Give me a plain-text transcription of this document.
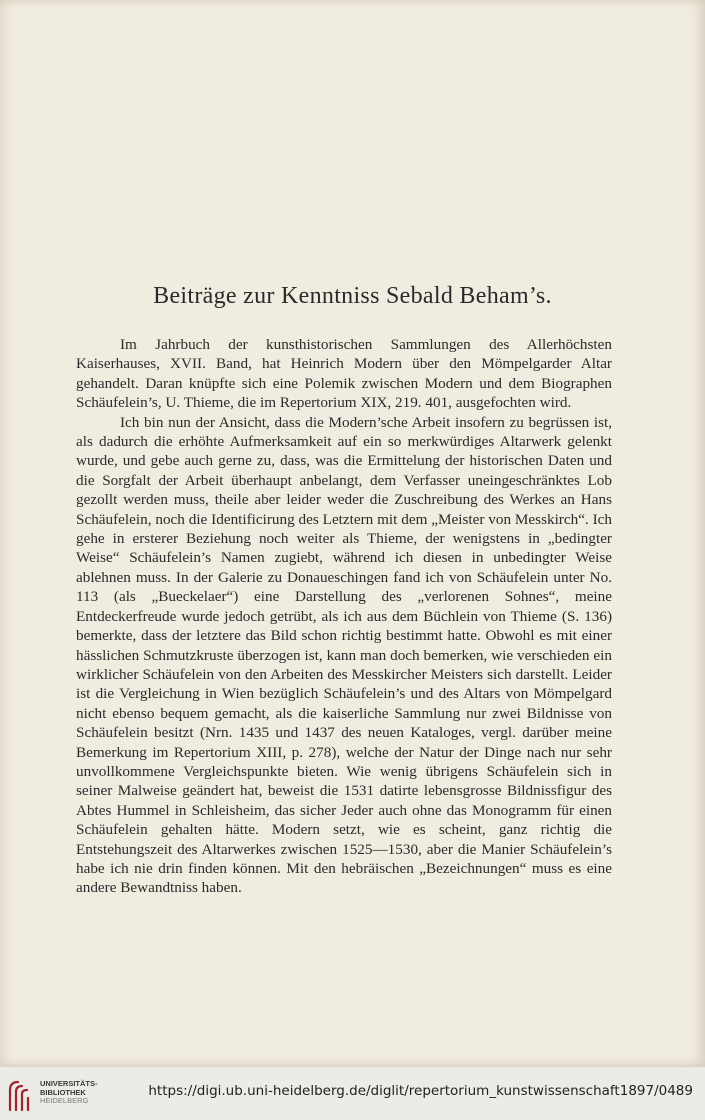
Beiträge zur Kenntniss Sebald Beham’s.

Im Jahrbuch der kunsthistorischen Sammlungen des Allerhöchsten Kaiserhauses, XVII. Band, hat Heinrich Modern über den Mömpelgarder Altar gehandelt. Daran knüpfte sich eine Polemik zwischen Modern und dem Biographen Schäufelein’s, U. Thieme, die im Repertorium XIX, 219. 401, ausgefochten wird.

Ich bin nun der Ansicht, dass die Modern’sche Arbeit insofern zu begrüssen ist, als dadurch die erhöhte Aufmerksamkeit auf ein so merkwürdiges Altarwerk gelenkt wurde, und gebe auch gerne zu, dass, was die Ermittelung der historischen Daten und die Sorgfalt der Arbeit überhaupt anbelangt, dem Verfasser uneingeschränktes Lob gezollt werden muss, theile aber leider weder die Zuschreibung des Werkes an Hans Schäufelein, noch die Identificirung des Letztern mit dem „Meister von Messkirch“. Ich gehe in ersterer Beziehung noch weiter als Thieme, der wenigstens in „bedingter Weise“ Schäufelein’s Namen zugiebt, während ich diesen in unbedingter Weise ablehnen muss. In der Galerie zu Donaueschingen fand ich von Schäufelein unter No. 113 (als „Bueckelaer“) eine Darstellung des „verlorenen Sohnes“, meine Entdeckerfreude wurde jedoch getrübt, als ich aus dem Büchlein von Thieme (S. 136) bemerkte, dass der letztere das Bild schon richtig bestimmt hatte. Obwohl es mit einer hässlichen Schmutzkruste überzogen ist, kann man doch bemerken, wie verschieden ein wirklicher Schäufelein von den Arbeiten des Messkircher Meisters sich darstellt. Leider ist die Vergleichung in Wien bezüglich Schäufelein’s und des Altars von Mömpelgard nicht ebenso bequem gemacht, als die kaiserliche Sammlung nur zwei Bildnisse von Schäufelein besitzt (Nrn. 1435 und 1437 des neuen Kataloges, vergl. darüber meine Bemerkung im Repertorium XIII, p. 278), welche der Natur der Dinge nach nur sehr unvollkommene Vergleichspunkte bieten. Wie wenig übrigens Schäufelein sich in seiner Malweise geändert hat, beweist die 1531 datirte lebensgrosse Bildnissfigur des Abtes Hummel in Schleisheim, das sicher Jeder auch ohne das Monogramm für einen Schäufelein gehalten hätte. Modern setzt, wie es scheint, ganz richtig die Entstehungszeit des Altarwerkes zwischen 1525—1530, aber die Manier Schäufelein’s habe ich nie drin finden können. Mit den hebräischen „Bezeichnungen“ muss es eine andere Bewandtniss haben.

UNIVERSITÄTS-
BIBLIOTHEK
HEIDELBERG
https://digi.ub.uni-heidelberg.de/diglit/repertorium_kunstwissenschaft1897/0489
